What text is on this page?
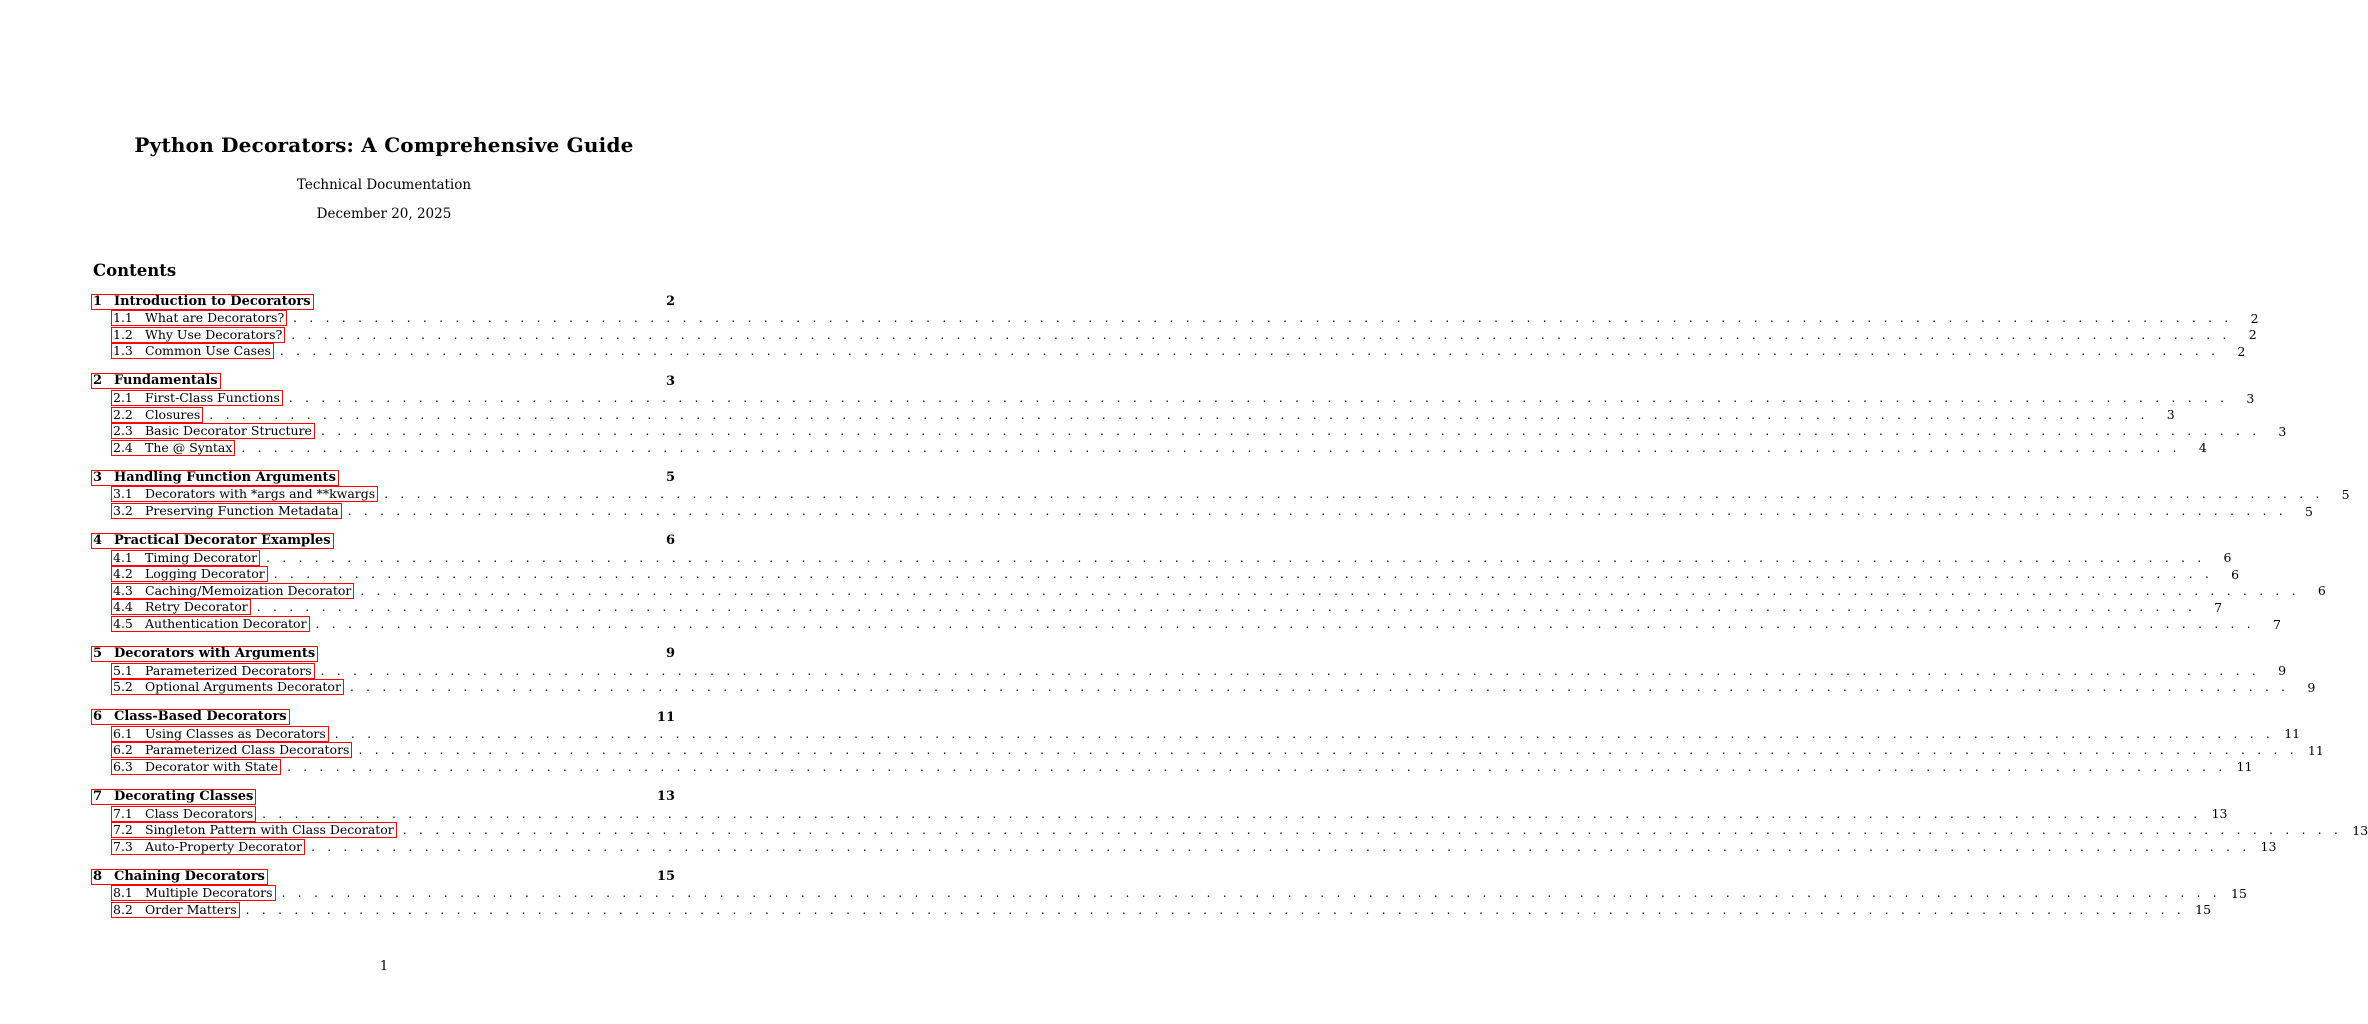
Python Decorators: A Comprehensive Guide
Technical Documentation
December 20, 2025
Contents
1 Introduction to Decorators	2
1.1 What are Decorators? . . . . . . . . . . . . . . . . . . . . . . . . . . . . . . . . . . . . . . . . . . . . . . . . . . . . . . . . . . . . . . . . . . . . . . . . . . . . . . . . . . . . . . . . . . . . . . . . . . . . . . . . . . . . . . . . . . . . . . . .	2
1.2 Why Use Decorators? . . . . . . . . . . . . . . . . . . . . . . . . . . . . . . . . . . . . . . . . . . . . . . . . . . . . . . . . . . . . . . . . . . . . . . . . . . . . . . . . . . . . . . . . . . . . . . . . . . . . . . . . . . . . . . . . . . . . . . . .	2
1.3 Common Use Cases . . . . . . . . . . . . . . . . . . . . . . . . . . . . . . . . . . . . . . . . . . . . . . . . . . . . . . . . . . . . . . . . . . . . . . . . . . . . . . . . . . . . . . . . . . . . . . . . . . . . . . . . . . . . . . . . . . . . . . . .	2
2 Fundamentals	3
2.1 First-Class Functions . . . . . . . . . . . . . . . . . . . . . . . . . . . . . . . . . . . . . . . . . . . . . . . . . . . . . . . . . . . . . . . . . . . . . . . . . . . . . . . . . . . . . . . . . . . . . . . . . . . . . . . . . . . . . . . . . . . . . . . .	3
2.2 Closures . . . . . . . . . . . . . . . . . . . . . . . . . . . . . . . . . . . . . . . . . . . . . . . . . . . . . . . . . . . . . . . . . . . . . . . . . . . . . . . . . . . . . . . . . . . . . . . . . . . . . . . . . . . . . . . . . . . . . . . .	3
2.3 Basic Decorator Structure . . . . . . . . . . . . . . . . . . . . . . . . . . . . . . . . . . . . . . . . . . . . . . . . . . . . . . . . . . . . . . . . . . . . . . . . . . . . . . . . . . . . . . . . . . . . . . . . . . . . . . . . . . . . . . . . . . . . . . . .	3
2.4 The @ Syntax . . . . . . . . . . . . . . . . . . . . . . . . . . . . . . . . . . . . . . . . . . . . . . . . . . . . . . . . . . . . . . . . . . . . . . . . . . . . . . . . . . . . . . . . . . . . . . . . . . . . . . . . . . . . . . . . . . . . . . . .	4
3 Handling Function Arguments	5
3.1 Decorators with *args and **kwargs . . . . . . . . . . . . . . . . . . . . . . . . . . . . . . . . . . . . . . . . . . . . . . . . . . . . . . . . . . . . . . . . . . . . . . . . . . . . . . . . . . . . . . . . . . . . . . . . . . . . . . . . . . . . . . . . . . . . . . . .	5
3.2 Preserving Function Metadata . . . . . . . . . . . . . . . . . . . . . . . . . . . . . . . . . . . . . . . . . . . . . . . . . . . . . . . . . . . . . . . . . . . . . . . . . . . . . . . . . . . . . . . . . . . . . . . . . . . . . . . . . . . . . . . . . . . . . . . .	5
4 Practical Decorator Examples	6
4.1 Timing Decorator . . . . . . . . . . . . . . . . . . . . . . . . . . . . . . . . . . . . . . . . . . . . . . . . . . . . . . . . . . . . . . . . . . . . . . . . . . . . . . . . . . . . . . . . . . . . . . . . . . . . . . . . . . . . . . . . . . . . . . . .	6
4.2 Logging Decorator . . . . . . . . . . . . . . . . . . . . . . . . . . . . . . . . . . . . . . . . . . . . . . . . . . . . . . . . . . . . . . . . . . . . . . . . . . . . . . . . . . . . . . . . . . . . . . . . . . . . . . . . . . . . . . . . . . . . . . . .	6
4.3 Caching/Memoization Decorator . . . . . . . . . . . . . . . . . . . . . . . . . . . . . . . . . . . . . . . . . . . . . . . . . . . . . . . . . . . . . . . . . . . . . . . . . . . . . . . . . . . . . . . . . . . . . . . . . . . . . . . . . . . . . . . . . . . . . . . .	6
4.4 Retry Decorator . . . . . . . . . . . . . . . . . . . . . . . . . . . . . . . . . . . . . . . . . . . . . . . . . . . . . . . . . . . . . . . . . . . . . . . . . . . . . . . . . . . . . . . . . . . . . . . . . . . . . . . . . . . . . . . . . . . . . . . .	7
4.5 Authentication Decorator . . . . . . . . . . . . . . . . . . . . . . . . . . . . . . . . . . . . . . . . . . . . . . . . . . . . . . . . . . . . . . . . . . . . . . . . . . . . . . . . . . . . . . . . . . . . . . . . . . . . . . . . . . . . . . . . . . . . . . . .	7
5 Decorators with Arguments	9
5.1 Parameterized Decorators . . . . . . . . . . . . . . . . . . . . . . . . . . . . . . . . . . . . . . . . . . . . . . . . . . . . . . . . . . . . . . . . . . . . . . . . . . . . . . . . . . . . . . . . . . . . . . . . . . . . . . . . . . . . . . . . . . . . . . . .	9
5.2 Optional Arguments Decorator . . . . . . . . . . . . . . . . . . . . . . . . . . . . . . . . . . . . . . . . . . . . . . . . . . . . . . . . . . . . . . . . . . . . . . . . . . . . . . . . . . . . . . . . . . . . . . . . . . . . . . . . . . . . . . . . . . . . . . . .	9
6 Class-Based Decorators	11
6.1 Using Classes as Decorators . . . . . . . . . . . . . . . . . . . . . . . . . . . . . . . . . . . . . . . . . . . . . . . . . . . . . . . . . . . . . . . . . . . . . . . . . . . . . . . . . . . . . . . . . . . . . . . . . . . . . . . . . . . . . . . . . . . . . . . . 11
6.2 Parameterized Class Decorators . . . . . . . . . . . . . . . . . . . . . . . . . . . . . . . . . . . . . . . . . . . . . . . . . . . . . . . . . . . . . . . . . . . . . . . . . . . . . . . . . . . . . . . . . . . . . . . . . . . . . . . . . . . . . . . . . . . . . . . . 11
6.3 Decorator with State . . . . . . . . . . . . . . . . . . . . . . . . . . . . . . . . . . . . . . . . . . . . . . . . . . . . . . . . . . . . . . . . . . . . . . . . . . . . . . . . . . . . . . . . . . . . . . . . . . . . . . . . . . . . . . . . . . . . . . . . 11
7 Decorating Classes	13
7.1 Class Decorators . . . . . . . . . . . . . . . . . . . . . . . . . . . . . . . . . . . . . . . . . . . . . . . . . . . . . . . . . . . . . . . . . . . . . . . . . . . . . . . . . . . . . . . . . . . . . . . . . . . . . . . . . . . . . . . . . . . . . . . . 13
7.2 Singleton Pattern with Class Decorator . . . . . . . . . . . . . . . . . . . . . . . . . . . . . . . . . . . . . . . . . . . . . . . . . . . . . . . . . . . . . . . . . . . . . . . . . . . . . . . . . . . . . . . . . . . . . . . . . . . . . . . . . . . . . . . . . . . . . . . . 13
7.3 Auto-Property Decorator . . . . . . . . . . . . . . . . . . . . . . . . . . . . . . . . . . . . . . . . . . . . . . . . . . . . . . . . . . . . . . . . . . . . . . . . . . . . . . . . . . . . . . . . . . . . . . . . . . . . . . . . . . . . . . . . . . . . . . . . 13
8 Chaining Decorators	15
8.1 Multiple Decorators . . . . . . . . . . . . . . . . . . . . . . . . . . . . . . . . . . . . . . . . . . . . . . . . . . . . . . . . . . . . . . . . . . . . . . . . . . . . . . . . . . . . . . . . . . . . . . . . . . . . . . . . . . . . . . . . . . . . . . . . 15
8.2 Order Matters . . . . . . . . . . . . . . . . . . . . . . . . . . . . . . . . . . . . . . . . . . . . . . . . . . . . . . . . . . . . . . . . . . . . . . . . . . . . . . . . . . . . . . . . . . . . . . . . . . . . . . . . . . . . . . . . . . . . . . . . 15
1
